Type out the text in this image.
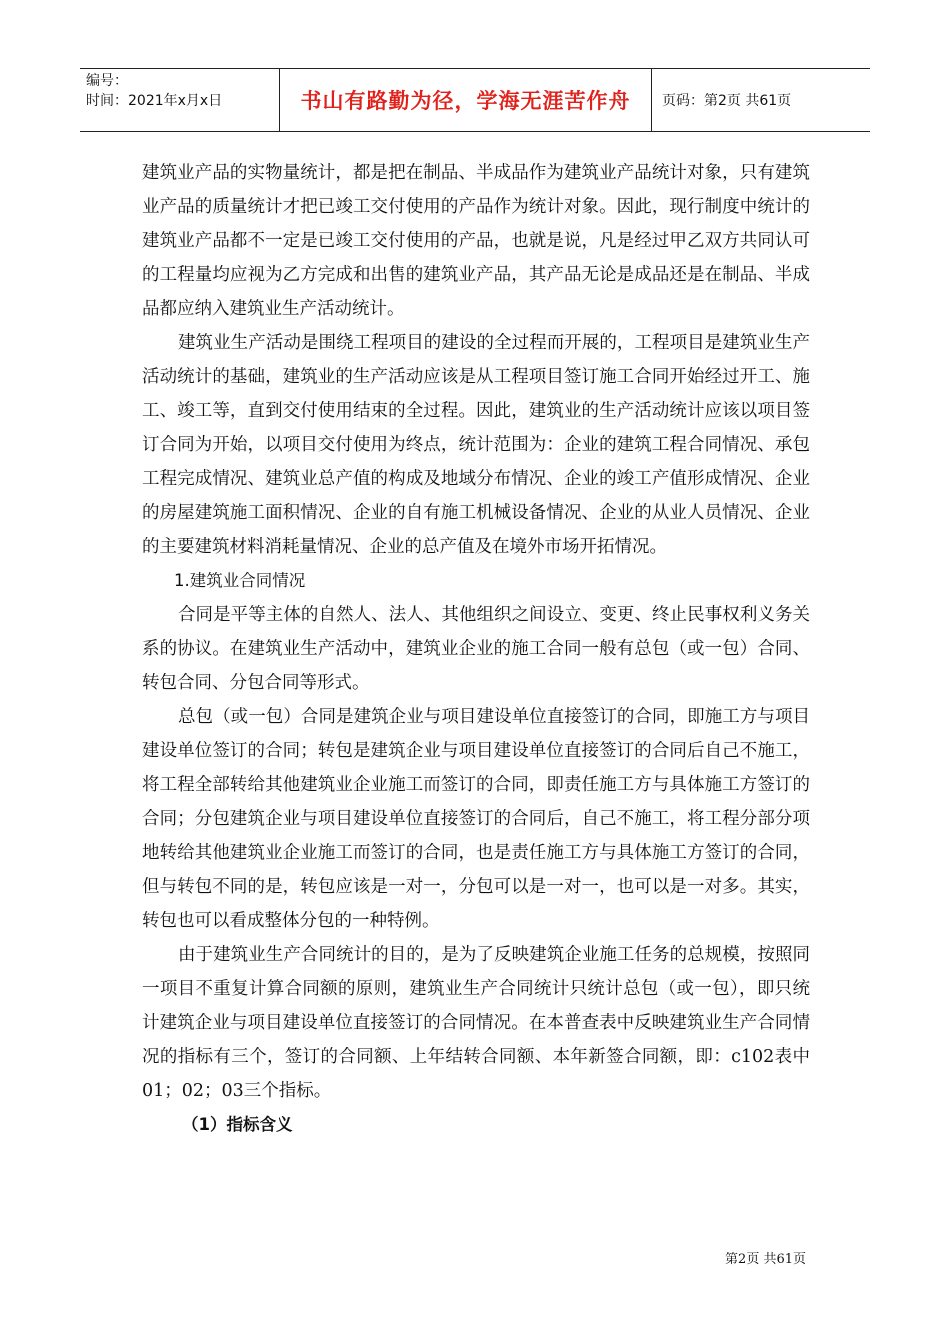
编号：
时间：2021年x月x日	书山有路勤为径，学海无涯苦作舟 页码：第2页 共61页

建筑业产品的实物量统计，都是把在制品、半成品作为建筑业产品统计对象，只有建筑业产品的质量统计才把已竣工交付使用的产品作为统计对象。因此，现行制度中统计的建筑业产品都不一定是已竣工交付使用的产品，也就是说，凡是经过甲乙双方共同认可的工程量均应视为乙方完成和出售的建筑业产品，其产品无论是成品还是在制品、半成品都应纳入建筑业生产活动统计。

建筑业生产活动是围绕工程项目的建设的全过程而开展的，工程项目是建筑业生产活动统计的基础，建筑业的生产活动应该是从工程项目签订施工合同开始经过开工、施工、竣工等，直到交付使用结束的全过程。因此，建筑业的生产活动统计应该以项目签订合同为开始，以项目交付使用为终点，统计范围为：企业的建筑工程合同情况、承包工程完成情况、建筑业总产值的构成及地域分布情况、企业的竣工产值形成情况、企业的房屋建筑施工面积情况、企业的自有施工机械设备情况、企业的从业人员情况、企业的主要建筑材料消耗量情况、企业的总产值及在境外市场开拓情况。

1.建筑业合同情况

合同是平等主体的自然人、法人、其他组织之间设立、变更、终止民事权利义务关系的协议。在建筑业生产活动中，建筑业企业的施工合同一般有总包（或一包）合同、转包合同、分包合同等形式。

总包（或一包）合同是建筑企业与项目建设单位直接签订的合同，即施工方与项目建设单位签订的合同；转包是建筑企业与项目建设单位直接签订的合同后自己不施工，将工程全部转给其他建筑业企业施工而签订的合同，即责任施工方与具体施工方签订的合同；分包建筑企业与项目建设单位直接签订的合同后，自己不施工，将工程分部分项地转给其他建筑业企业施工而签订的合同，也是责任施工方与具体施工方签订的合同，但与转包不同的是，转包应该是一对一，分包可以是一对一，也可以是一对多。其实，转包也可以看成整体分包的一种特例。

由于建筑业生产合同统计的目的，是为了反映建筑企业施工任务的总规模，按照同一项目不重复计算合同额的原则，建筑业生产合同统计只统计总包（或一包），即只统计建筑企业与项目建设单位直接签订的合同情况。在本普查表中反映建筑业生产合同情况的指标有三个，签订的合同额、上年结转合同额、本年新签合同额，即：c102表中01；02；03三个指标。

（1）指标含义

第2页 共61页
